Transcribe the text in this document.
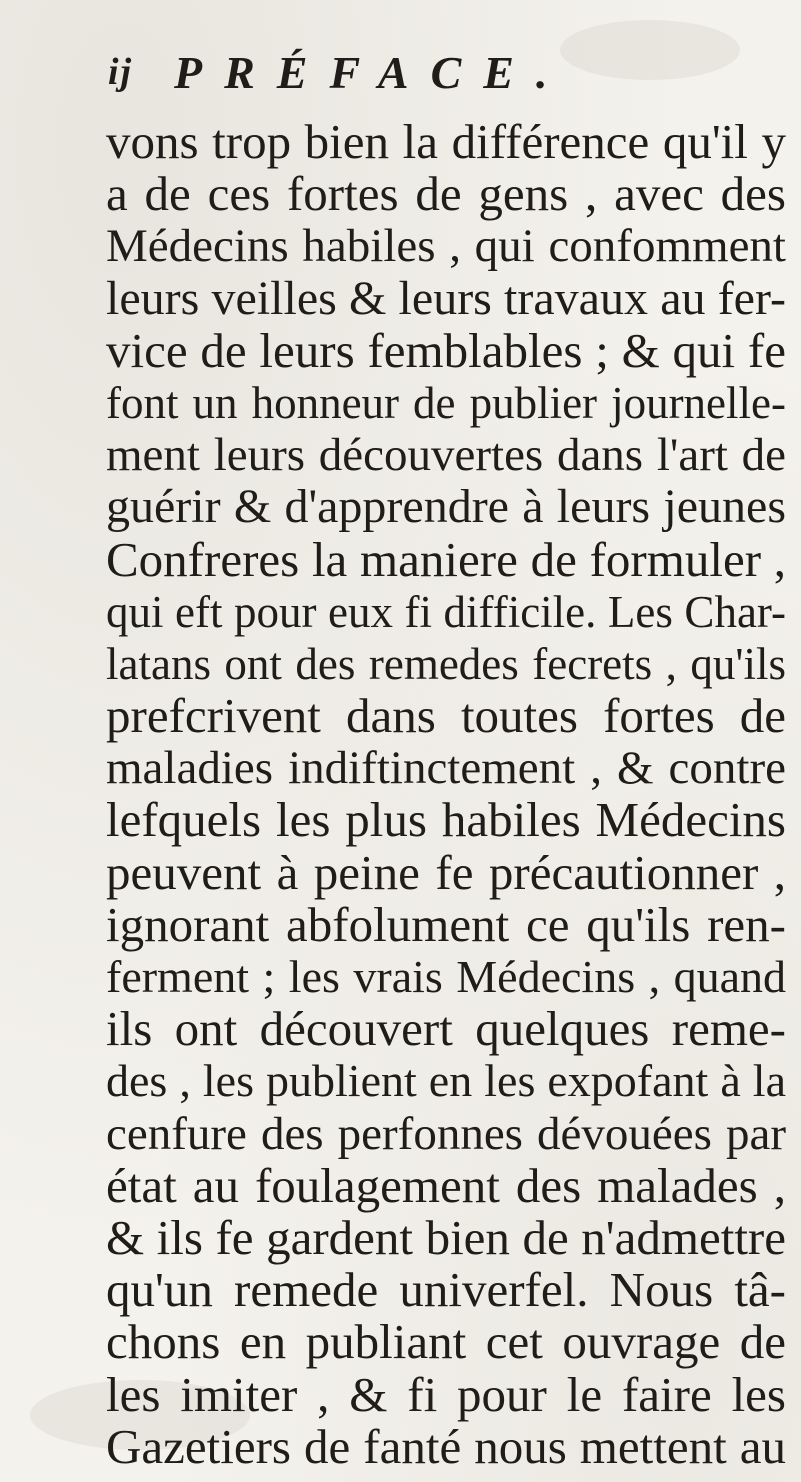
ij PRÉFACE.
vons trop bien la différence qu'il y
a de ces fortes de gens , avec des
Médecins habiles , qui confomment
leurs veilles & leurs travaux au fer-
vice de leurs femblables ; & qui fe
font un honneur de publier journelle-
ment leurs découvertes dans l'art de
guérir & d'apprendre à leurs jeunes
Confreres la maniere de formuler ,
qui eft pour eux fi difficile. Les Char-
latans ont des remedes fecrets , qu'ils
prefcrivent dans toutes fortes de
maladies indiftinctement , & contre
lefquels les plus habiles Médecins
peuvent à peine fe précautionner ,
ignorant abfolument ce qu'ils ren-
ferment ; les vrais Médecins , quand
ils ont découvert quelques reme-
des , les publient en les expofant à la
cenfure des perfonnes dévouées par
état au foulagement des malades ,
& ils fe gardent bien de n'admettre
qu'un remede univerfel. Nous tâ-
chons en publiant cet ouvrage de
les imiter , & fi pour le faire les
Gazetiers de fanté nous mettent au
